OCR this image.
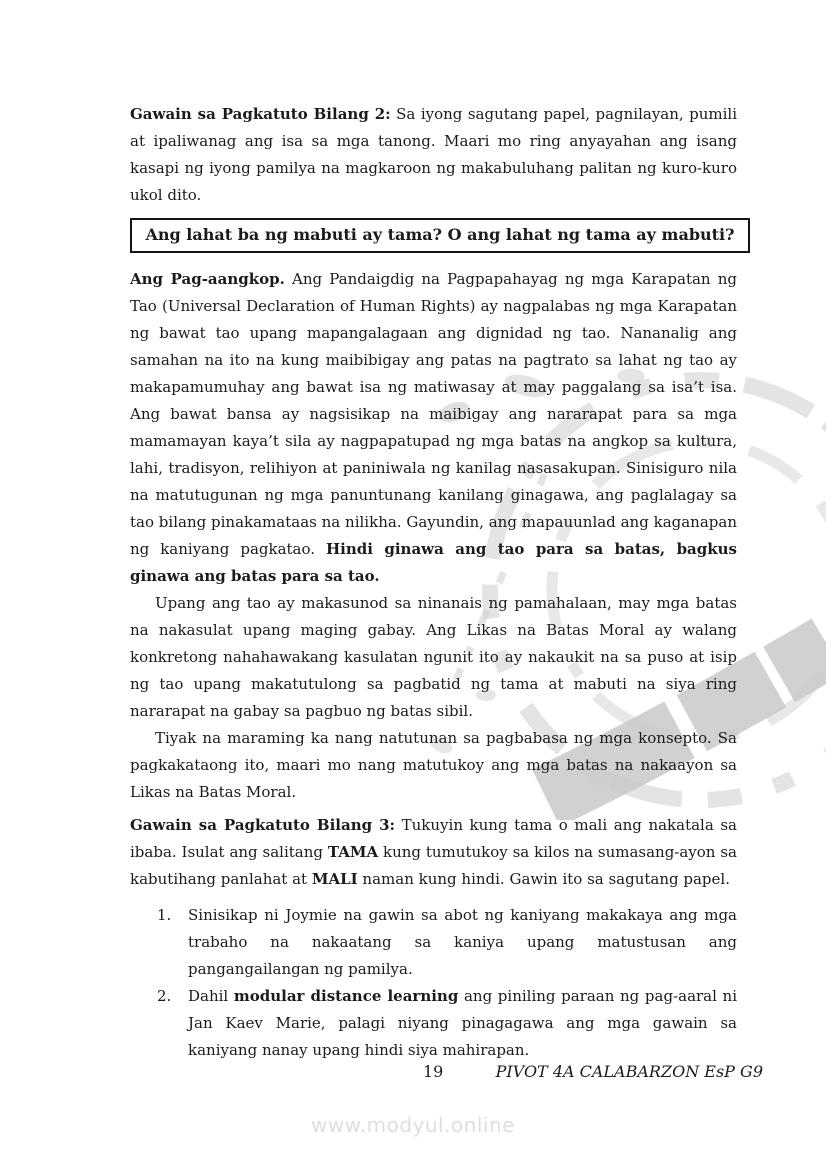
Gawain sa Pagkatuto Bilang 2: Sa iyong sagutang papel, pagnilayan, pumili at ipaliwanag ang isa sa mga tanong. Maari mo ring anyayahan ang isang kasapi ng iyong pamilya na magkaroon ng makabuluhang palitan ng kuro-kuro ukol dito.

Ang lahat ba ng mabuti ay tama? O ang lahat ng tama ay mabuti?

Ang Pag-aangkop. Ang Pandaigdig na Pagpapahayag ng mga Karapatan ng Tao (Universal Declaration of Human Rights) ay nagpalabas ng mga Karapatan ng bawat tao upang mapangalagaan ang dignidad ng tao. Nananalig ang samahan na ito na kung maibibigay ang patas na pagtrato sa lahat ng tao ay makapamumuhay ang bawat isa ng matiwasay at may paggalang sa isa’t isa. Ang bawat bansa ay nagsisikap na maibigay ang nararapat para sa mga mamamayan kaya’t sila ay nagpapatupad ng mga batas na angkop sa kultura, lahi, tradisyon, relihiyon at paniniwala ng kanilag nasasakupan. Sinisiguro nila na matutugunan ng mga panuntunang kanilang ginagawa, ang paglalagay sa tao bilang pinakamataas na nilikha. Gayundin, ang mapauunlad ang kaganapan ng kaniyang pagkatao. Hindi ginawa ang tao para sa batas, bagkus ginawa ang batas para sa tao.

Upang ang tao ay makasunod sa ninanais ng pamahalaan, may mga batas na nakasulat upang maging gabay. Ang Likas na Batas Moral ay walang konkretong nahahawakang kasulatan ngunit ito ay nakaukit na sa puso at isip ng tao upang makatutulong sa pagbatid ng tama at mabuti na siya ring nararapat na gabay sa pagbuo ng batas sibil.

Tiyak na maraming ka nang natutunan sa pagbabasa ng mga konsepto. Sa pagkakataong ito, maari mo nang matutukoy ang mga batas na nakaayon sa Likas na Batas Moral.

Gawain sa Pagkatuto Bilang 3: Tukuyin kung tama o mali ang nakatala sa ibaba. Isulat ang salitang TAMA kung tumutukoy sa kilos na sumasang-ayon sa kabutihang panlahat at MALI naman kung hindi. Gawin ito sa sagutang papel.

1.	Sinisikap ni Joymie na gawin sa abot ng kaniyang makakaya ang mga trabaho na nakaatang sa kaniya upang matustusan ang pangangailangan ng pamilya.
2.	Dahil modular distance learning ang piniling paraan ng pag-aaral ni Jan Kaev Marie, palagi niyang pinagagawa ang mga gawain sa kaniyang nanay upang hindi siya mahirapan.
19	PIVOT 4A CALABARZON EsP G9
www.modyul.online
